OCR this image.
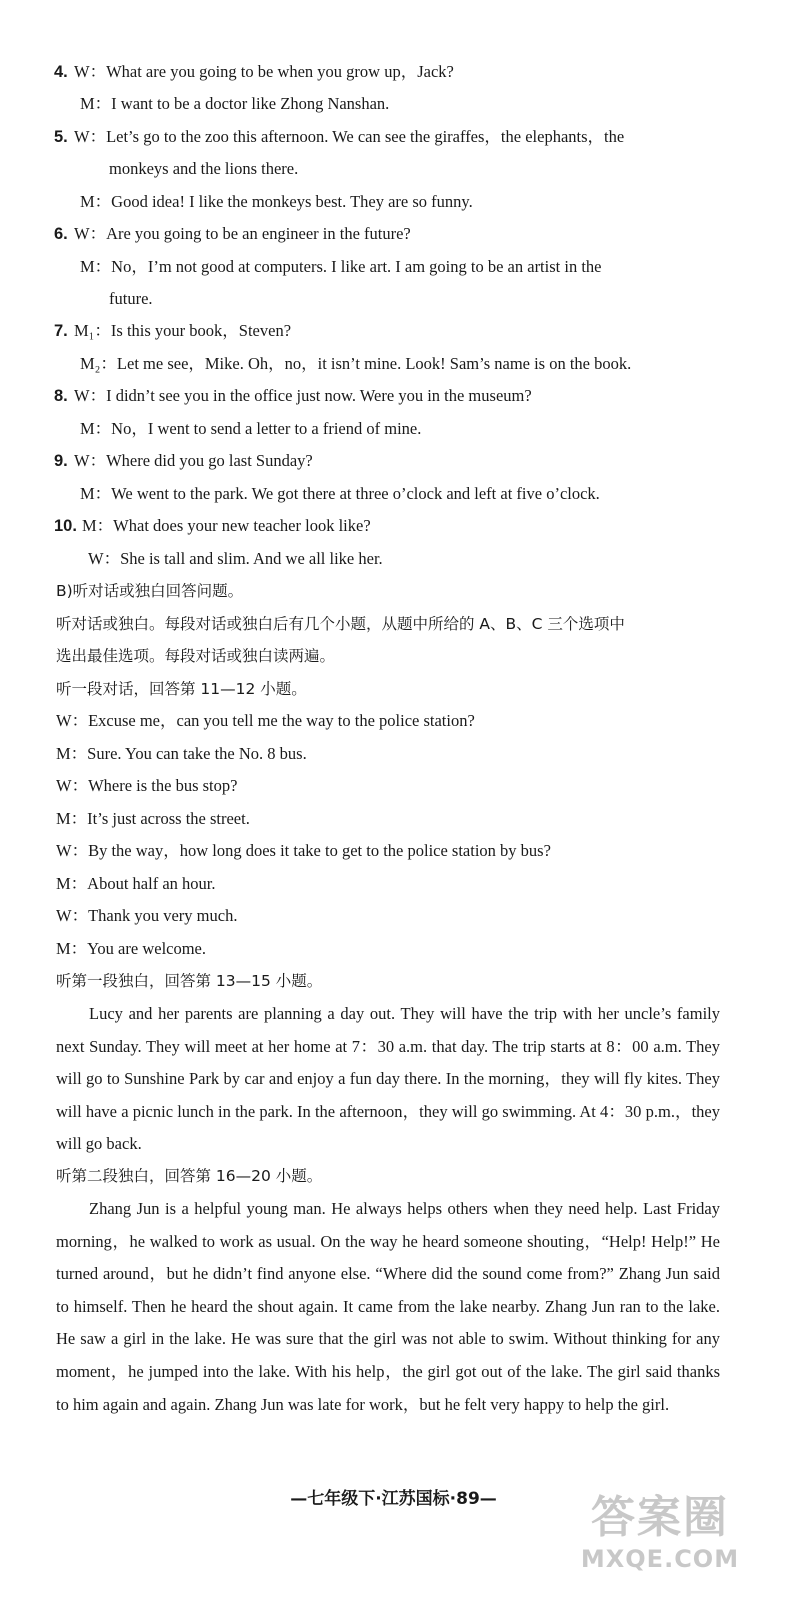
4. W：What are you going to be when you grow up，Jack?
M：I want to be a doctor like Zhong Nanshan.
5. W：Let’s go to the zoo this afternoon. We can see the giraffes，the elephants，the
monkeys and the lions there.
M：Good idea! I like the monkeys best. They are so funny.
6. W：Are you going to be an engineer in the future?
M：No，I’m not good at computers. I like art. I am going to be an artist in the
future.
7. M₁：Is this your book，Steven?
M₂：Let me see，Mike. Oh，no，it isn’t mine. Look! Sam’s name is on the book.
8. W：I didn’t see you in the office just now. Were you in the museum?
M：No，I went to send a letter to a friend of mine.
9. W：Where did you go last Sunday?
M：We went to the park. We got there at three o’clock and left at five o’clock.
10. M：What does your new teacher look like?
W：She is tall and slim. And we all like her.
B)听对话或独白回答问题。
听对话或独白。每段对话或独白后有几个小题，从题中所给的 A、B、C 三个选项中
选出最佳选项。每段对话或独白读两遍。
听一段对话，回答第 11—12 小题。
W：Excuse me，can you tell me the way to the police station?
M：Sure. You can take the No. 8 bus.
W：Where is the bus stop?
M：It’s just across the street.
W：By the way，how long does it take to get to the police station by bus?
M：About half an hour.
W：Thank you very much.
M：You are welcome.
听第一段独白，回答第 13—15 小题。

Lucy and her parents are planning a day out. They will have the trip with her uncle’s family next Sunday. They will meet at her home at 7：30 a.m. that day. The trip starts at 8：00 a.m. They will go to Sunshine Park by car and enjoy a fun day there. In the morning，they will fly kites. They will have a picnic lunch in the park. In the afternoon，they will go swimming. At 4：30 p.m.，they will go back.

听第二段独白，回答第 16—20 小题。

Zhang Jun is a helpful young man. He always helps others when they need help. Last Friday morning，he walked to work as usual. On the way he heard someone shouting，“Help! Help!” He turned around，but he didn’t find anyone else. “Where did the sound come from?” Zhang Jun said to himself. Then he heard the shout again. It came from the lake nearby. Zhang Jun ran to the lake. He saw a girl in the lake. He was sure that the girl was not able to swim. Without thinking for any moment，he jumped into the lake. With his help，the girl got out of the lake. The girl said thanks to him again and again. Zhang Jun was late for work，but he felt very happy to help the girl.

—七年级下·江苏国标·89—	答案圈
MXQE.COM
